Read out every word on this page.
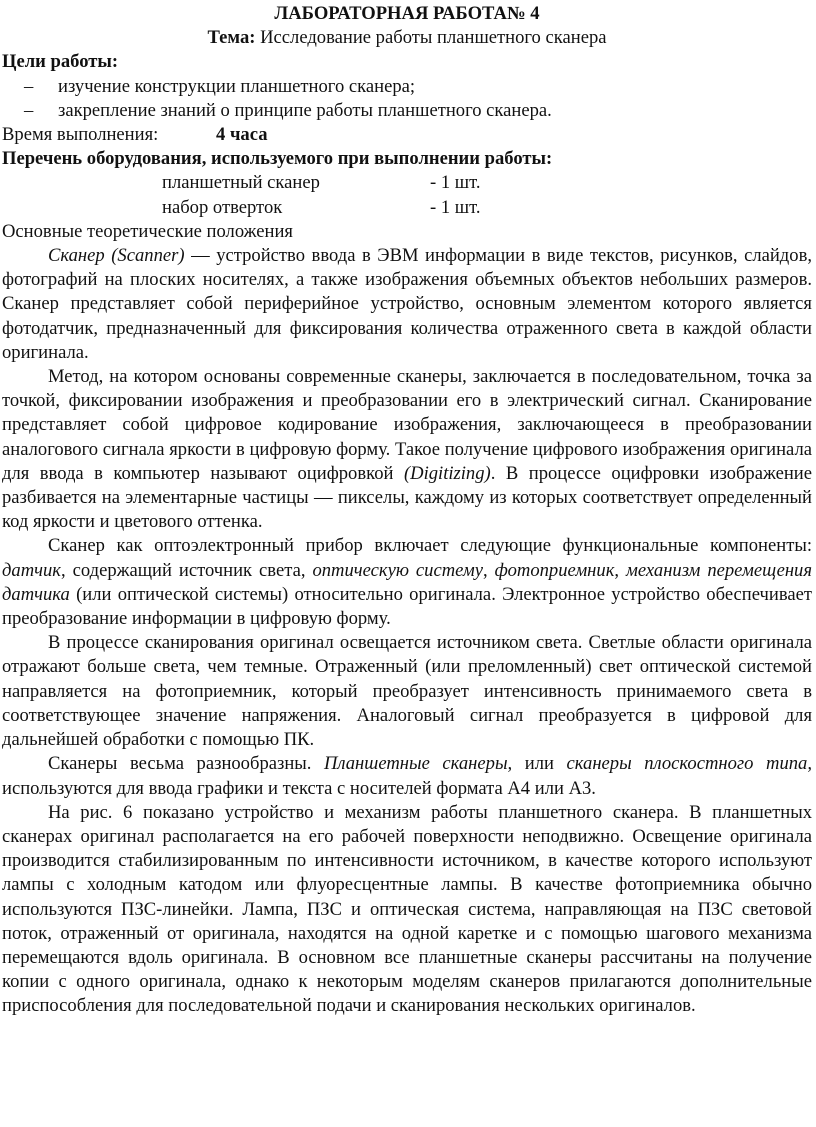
ЛАБОРАТОРНАЯ РАБОТА№ 4

Тема: Исследование работы планшетного сканера

Цели работы:

–	изучение конструкции планшетного сканера;
–	закрепление знаний о принципе работы планшетного сканера.
Время выполнения:	4 часа

Перечень оборудования, используемого при выполнении работы:

планшетный сканер	- 1 шт.
набор отверток	- 1 шт.

Основные теоретические положения

Сканер (Scanner) — устройство ввода в ЭВМ информации в виде текстов, рисунков, слайдов, фотографий на плоских носителях, а также изображения объемных объектов небольших размеров. Сканер представляет собой периферийное устройство, основным элементом которого является фотодатчик, предназначенный для фиксирования количества отраженного света в каждой области оригинала.

Метод, на котором основаны современные сканеры, заключается в последовательном, точка за точкой, фиксировании изображения и преобразовании его в электрический сигнал. Сканирование представляет собой цифровое кодирование изображения, заключающееся в преобразовании аналогового сигнала яркости в цифровую форму. Такое получение цифрового изображения оригинала для ввода в компьютер называют оцифровкой (Digitizing). В процессе оцифровки изображение разбивается на элементарные частицы — пикселы, каждому из которых соответствует определенный код яркости и цветового оттенка.

Сканер как оптоэлектронный прибор включает следующие функциональные компоненты: датчик, содержащий источник света, оптическую систему, фотоприемник, механизм перемещения датчика (или оптической системы) относительно оригинала. Электронное устройство обеспечивает преобразование информации в цифровую форму.

В процессе сканирования оригинал освещается источником света. Светлые области оригинала отражают больше света, чем темные. Отраженный (или преломленный) свет оптической системой направляется на фотоприемник, который преобразует интенсивность принимаемого света в соответствующее значение напряжения. Аналоговый сигнал преобразуется в цифровой для дальнейшей обработки с помощью ПК.

Сканеры весьма разнообразны. Планшетные сканеры, или сканеры плоскостного типа, используются для ввода графики и текста с носителей формата А4 или А3.

На рис. 6 показано устройство и механизм работы планшетного сканера. В планшетных сканерах оригинал располагается на его рабочей поверхности неподвижно. Освещение оригинала производится стабилизированным по интенсивности источником, в качестве которого используют лампы с холодным катодом или флуоресцентные лампы. В качестве фотоприемника обычно используются ПЗС-линейки. Лампа, ПЗС и оптическая система, направляющая на ПЗС световой поток, отраженный от оригинала, находятся на одной каретке и с помощью шагового механизма перемещаются вдоль оригинала. В основном все планшетные сканеры рассчитаны на получение копии с одного оригинала, однако к некоторым моделям сканеров прилагаются дополнительные приспособления для последовательной подачи и сканирования нескольких оригиналов.
